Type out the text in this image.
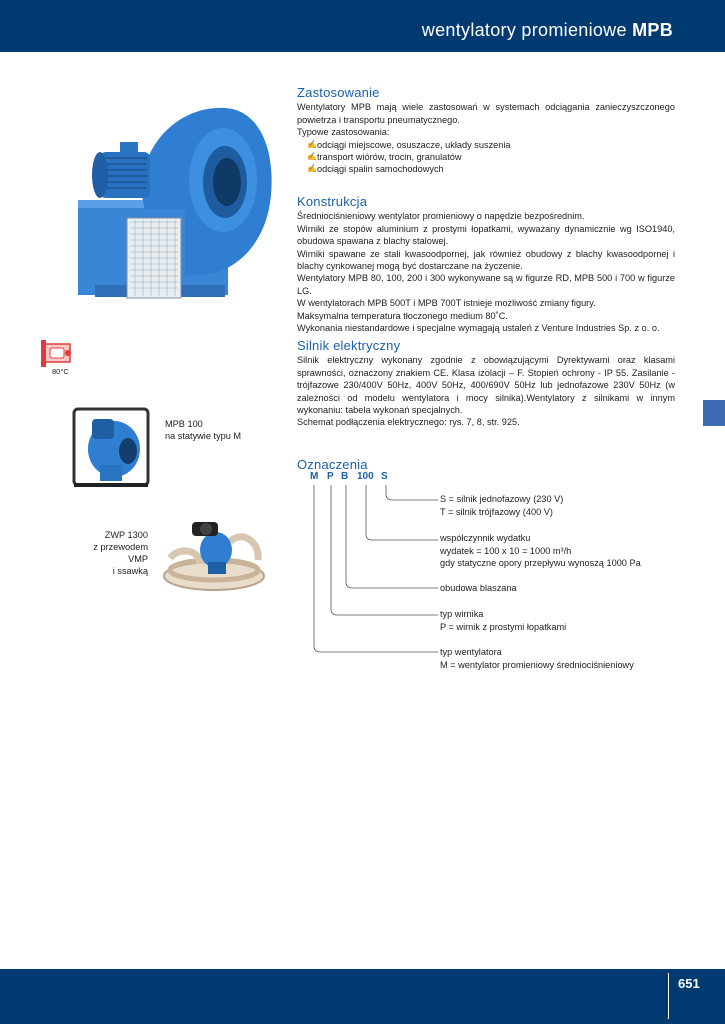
wentylatory promieniowe MPB
Zastosowanie
Wentylatory MPB mają wiele zastosowań w systemach odciągania zanieczyszczonego powietrza i transportu pneumatycznego.
Typowe zastosowania:
✍ odciągi miejscowe, osuszacze, układy suszenia
✍ transport wiórów, trocin, granulatów
✍ odciągi spalin samochodowych
Konstrukcja
Średniociśnieniowy wentylator promieniowy o napędzie bezpośrednim.
Wirniki ze stopów aluminium z prostymi łopatkami, wyważany dynamicznie wg ISO1940, obudowa spawana z blachy stalowej.
Wirniki spawane ze stali kwasoodpornej, jak również obudowy z blachy kwasoodpornej i blachy cynkowanej mogą być dostarczane na życzenie.
Wentylatory MPB 80, 100, 200 i 300 wykonywane są w figurze RD, MPB 500 i 700 w figurze LG.
W wentylatorach MPB 500T i MPB 700T istnieje możliwość zmiany figury.
Maksymalna temperatura tłoczonego medium 80˚C.
Wykonania niestandardowe i specjalne wymagają ustaleń z Venture Industries Sp. z o. o.
80°C
Silnik elektryczny
Silnik elektryczny wykonany zgodnie z obowiązującymi Dyrektywami oraz klasami sprawności, oznaczony znakiem CE. Klasa izolacji – F. Stopień ochrony - IP 55. Zasilanie - trójfazowe 230/400V 50Hz, 400V 50Hz, 400/690V 50Hz lub jednofazowe 230V 50Hz (w zależności od modelu wentylatora i mocy silnika).Wentylatory z silnikami w innym wykonaniu: tabela wykonań specjalnych.
Schemat podłączenia elektrycznego: rys. 7, 8, str. 925.
MPB 100
na statywie typu M
ZWP 1300
z przewodem VMP
i ssawką
Oznaczenia
M P B 100 S
S = silnik jednofazowy (230 V)
T = silnik trójfazowy (400 V)
współczynnik wydatku
wydatek = 100 x 10 = 1000 m³/h
gdy statyczne opory przepływu wynoszą 1000 Pa
obudowa blaszana
typ wirnika
P = wirnik z prostymi łopatkami
typ wentylatora
M = wentylator promieniowy średniociśnieniowy
651
